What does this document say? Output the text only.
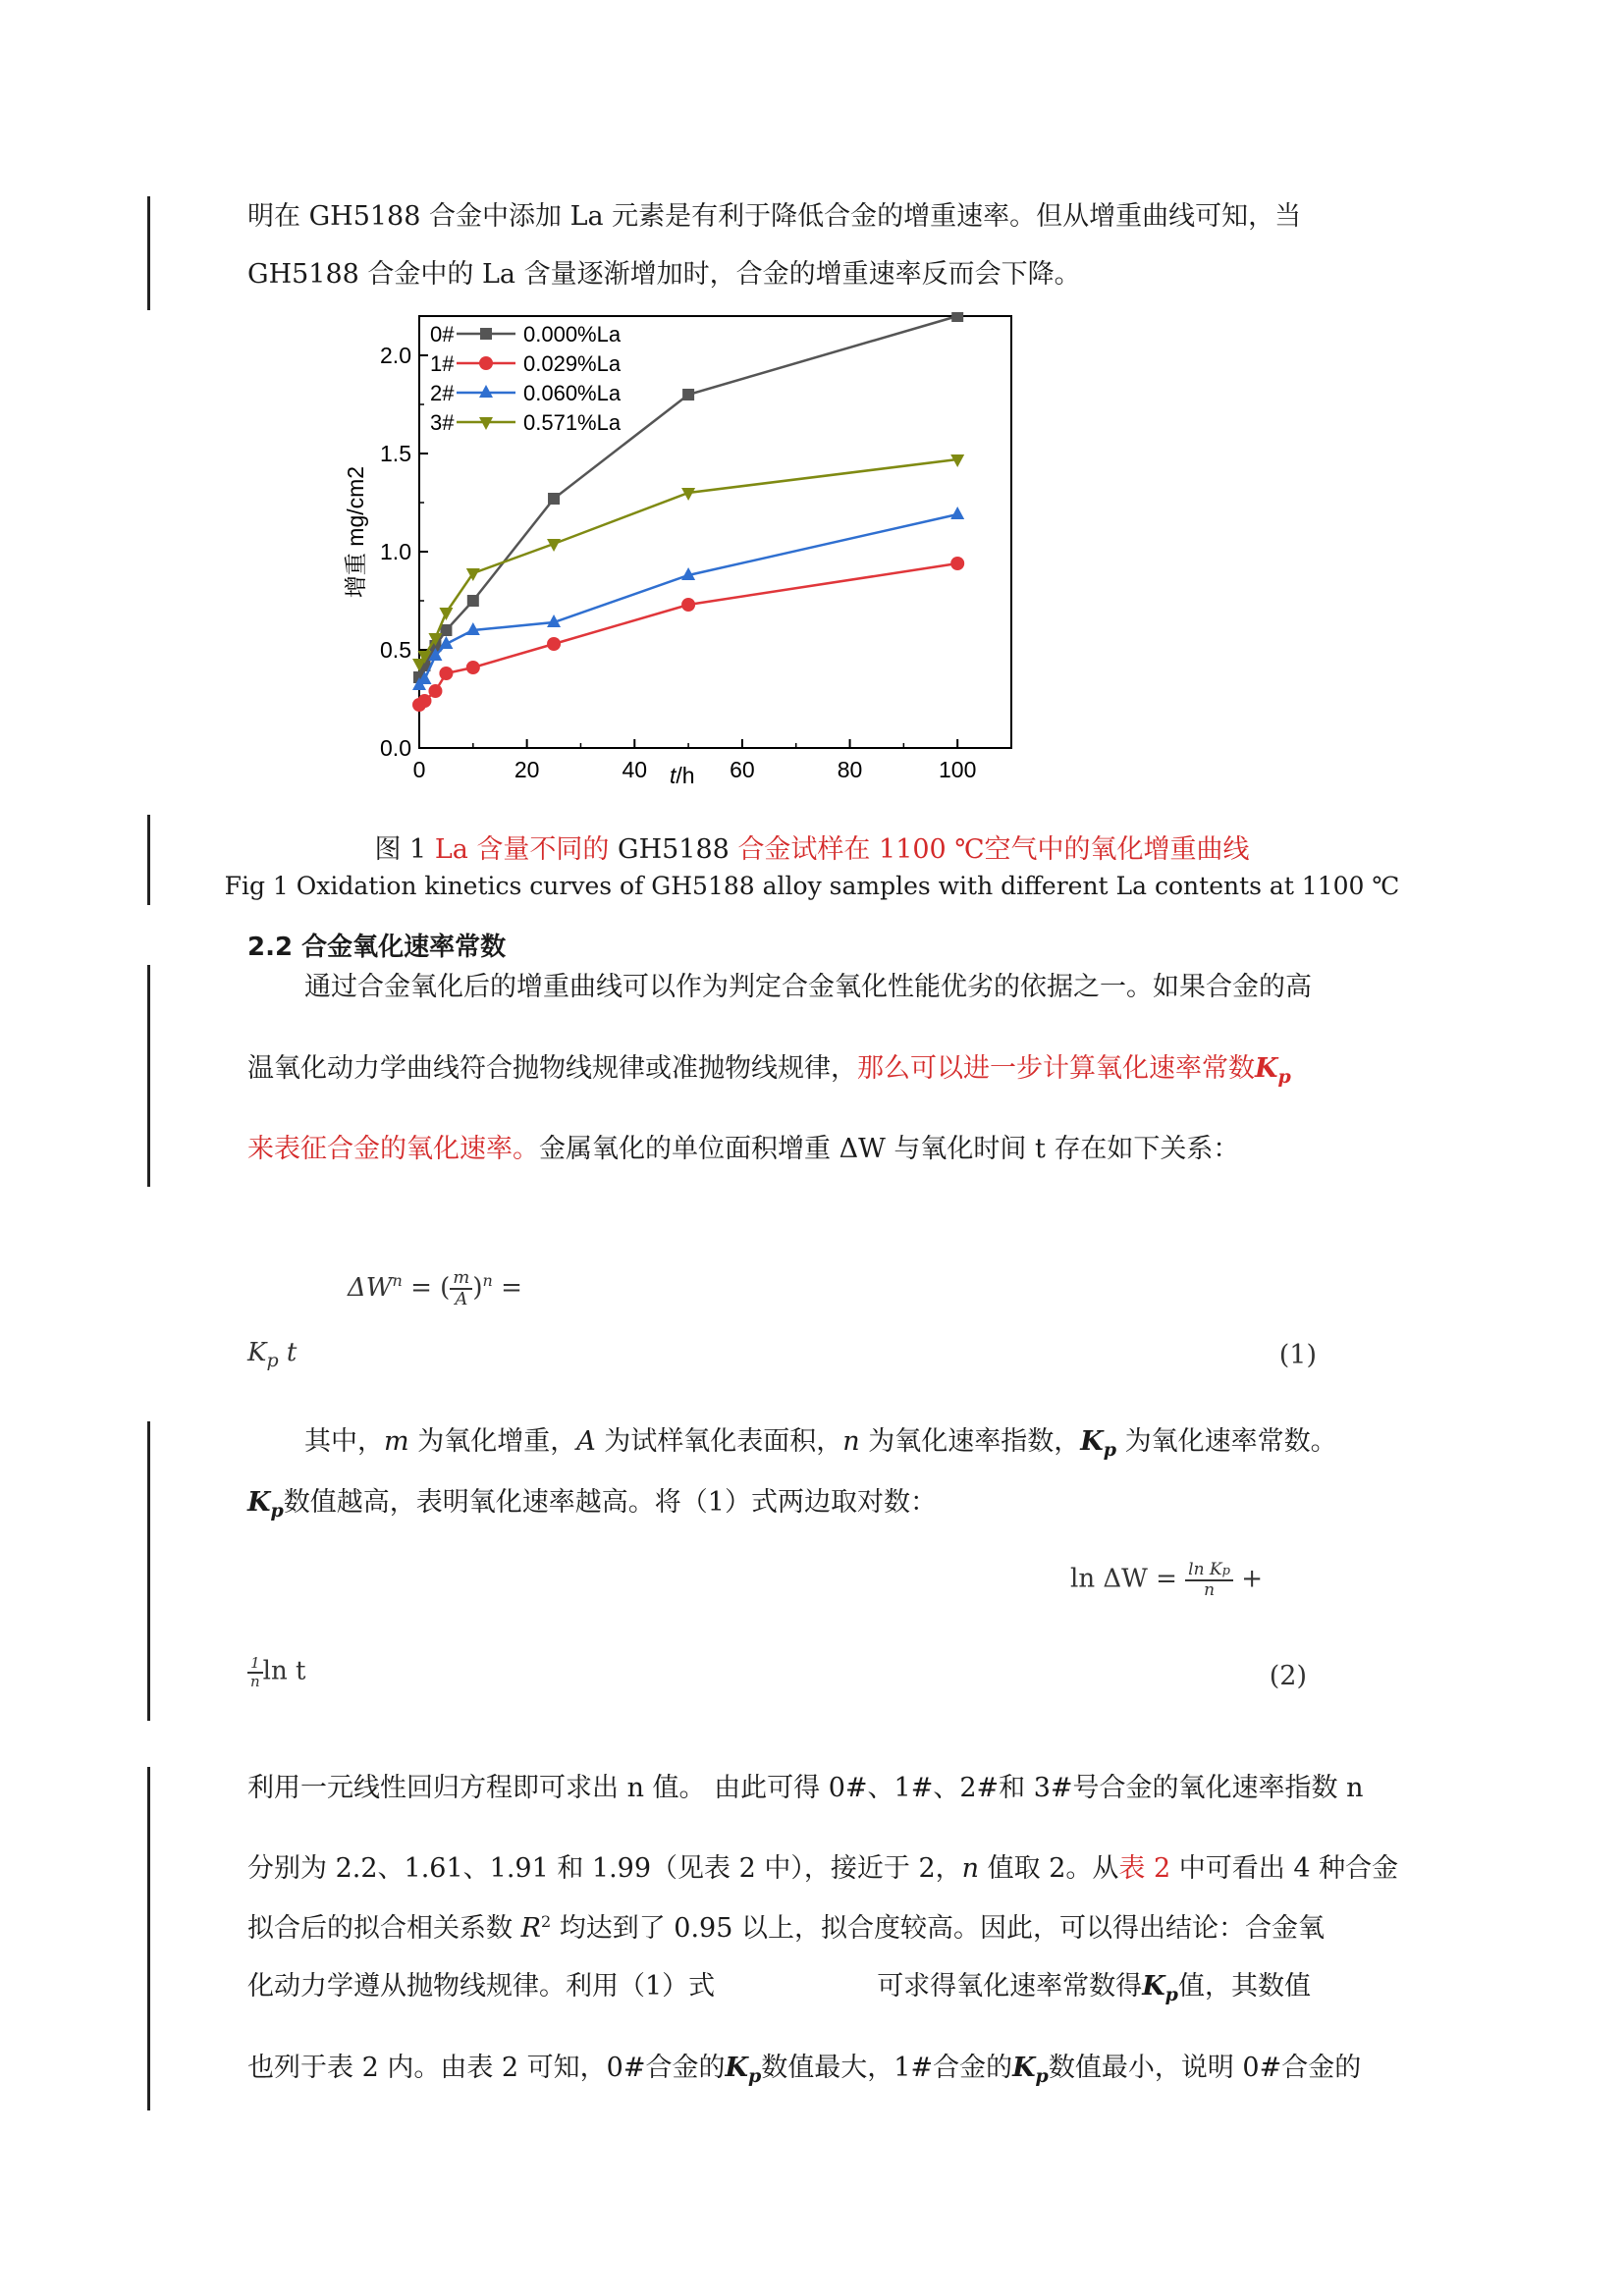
明在 GH5188 合金中添加 La 元素是有利于降低合金的增重速率。但从增重曲线可知，当
GH5188 合金中的 La 含量逐渐增加时，合金的增重速率反而会下降。
0	20	40	60	80	100
0.0
0.5
1.0
1.5
2.0
0#	0.000%La
1#	0.029%La
2#	0.060%La
3#	0.571%La
增重 mg/cm2
t/h
图 1 La 含量不同的 GH5188 合金试样在 1100 ℃空气中的氧化增重曲线
Fig 1 Oxidation kinetics curves of GH5188 alloy samples with different La contents at 1100 ℃
2.2 合金氧化速率常数
通过合金氧化后的增重曲线可以作为判定合金氧化性能优劣的依据之一。如果合金的高
温氧化动力学曲线符合抛物线规律或准抛物线规律，那么可以进一步计算氧化速率常数$K_p$
来表征合金的氧化速率。金属氧化的单位面积增重 ΔW 与氧化时间 t 存在如下关系：
$\Delta W^n$ = ( $\frac{m}{A} )^n$ =
$K_p$ t	(1)
其中，m 为氧化增重，A 为试样氧化表面积，n 为氧化速率指数，$K_p$ 为氧化速率常数。
$K_p$数值越高，表明氧化速率越高。将（1）式两边取对数：
$\ln \Delta W = \frac{\text{ln Kp}}{n}$ +
$\frac{1}{n}$ ln t	(2)
利用一元线性回归方程即可求出 n 值。 由此可得 0#、1#、2#和 3#号合金的氧化速率指数 n
分别为 2.2、1.61、1.91 和 1.99（见表 2 中），接近于 2，n 值取 2。从表 2 中可看出 4 种合金
拟合后的拟合相关系数 $R^2$ 均达到了 0.95 以上，拟合度较高。因此，可以得出结论：合金氧
化动力学遵从抛物线规律。利用（1）式	可求得氧化速率常数得$K_p$值，其数值
也列于表 2 内。由表 2 可知，0#合金的$K_p$数值最大，1#合金的$K_p$数值最小，说明 0#合金的
